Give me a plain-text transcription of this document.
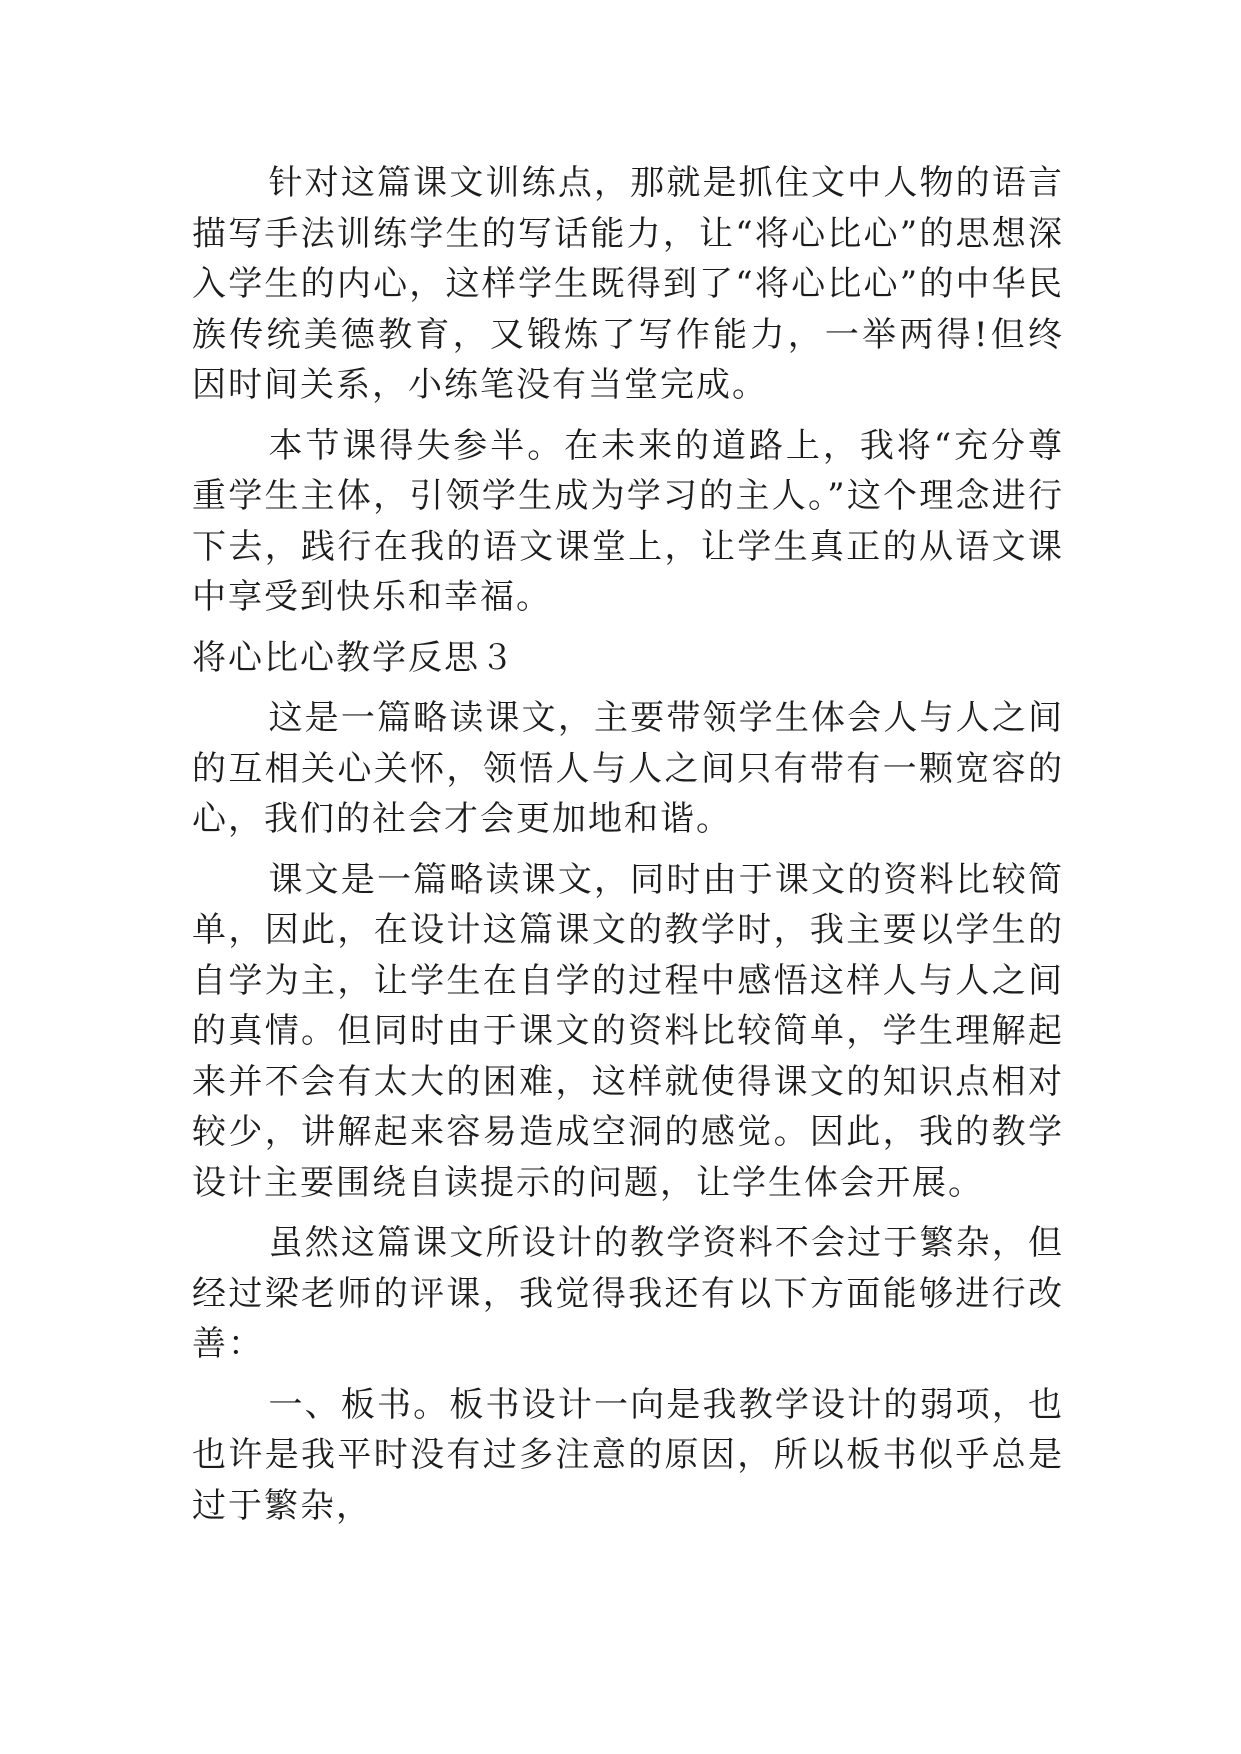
针对这篇课文训练点，那就是抓住文中人物的语言描写手法训练学生的写话能力，让“将心比心”的思想深入学生的内心，这样学生既得到了“将心比心”的中华民族传统美德教育，又锻炼了写作能力，一举两得!但终因时间关系，小练笔没有当堂完成。

本节课得失参半。在未来的道路上，我将“充分尊重学生主体，引领学生成为学习的主人。”这个理念进行下去，践行在我的语文课堂上，让学生真正的从语文课中享受到快乐和幸福。

将心比心教学反思３

这是一篇略读课文，主要带领学生体会人与人之间的互相关心关怀，领悟人与人之间只有带有一颗宽容的心，我们的社会才会更加地和谐。

课文是一篇略读课文，同时由于课文的资料比较简单，因此，在设计这篇课文的教学时，我主要以学生的自学为主，让学生在自学的过程中感悟这样人与人之间的真情。但同时由于课文的资料比较简单，学生理解起来并不会有太大的困难，这样就使得课文的知识点相对较少，讲解起来容易造成空洞的感觉。因此，我的教学设计主要围绕自读提示的问题，让学生体会开展。

虽然这篇课文所设计的教学资料不会过于繁杂，但经过梁老师的评课，我觉得我还有以下方面能够进行改善：

一、板书。板书设计一向是我教学设计的弱项，也也许是我平时没有过多注意的原因，所以板书似乎总是过于繁杂，
